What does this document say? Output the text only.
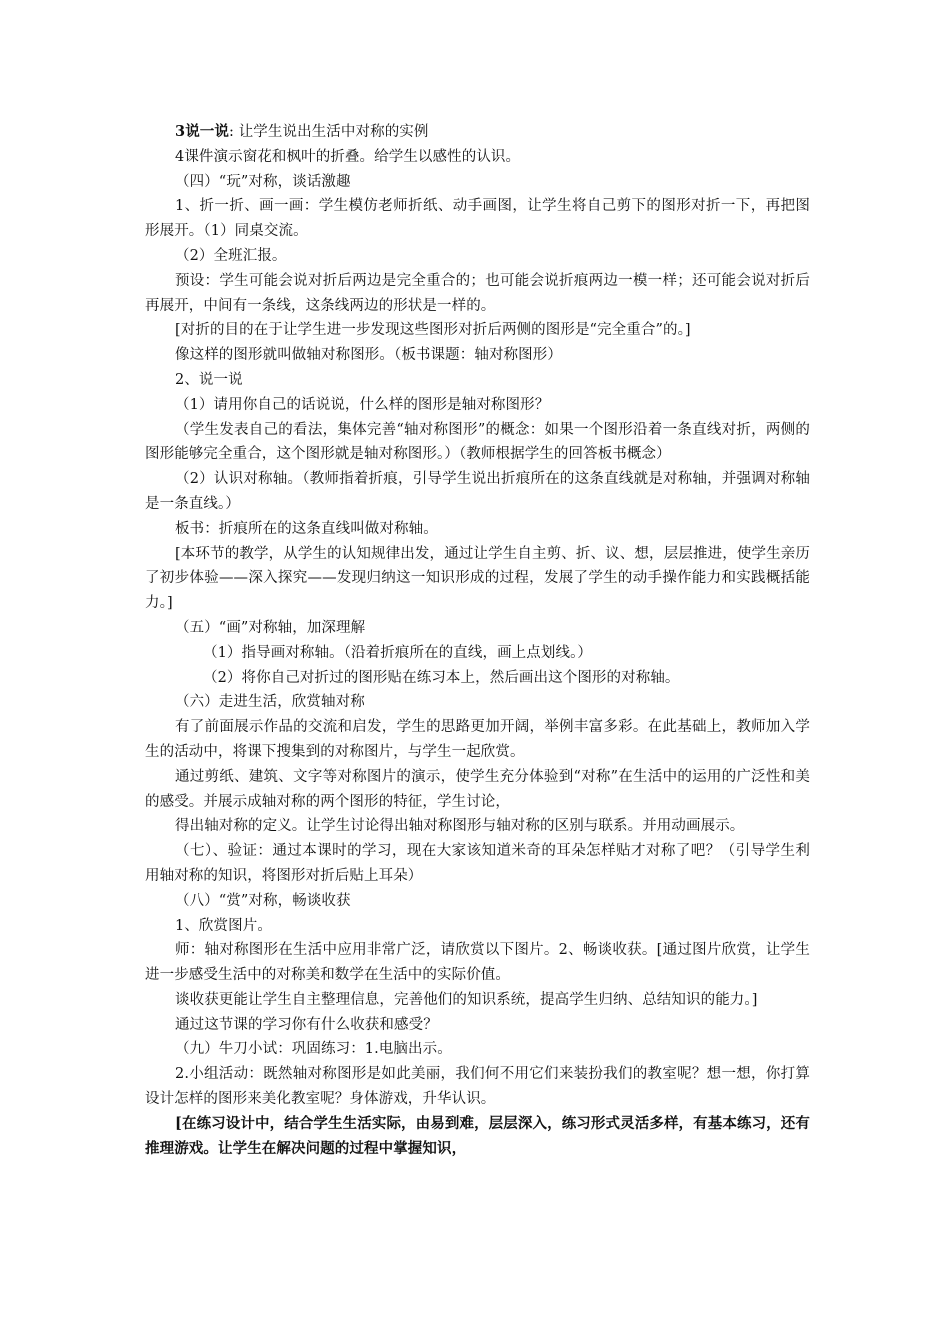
3说一说: 让学生说出生活中对称的实例

4课件演示窗花和枫叶的折叠。给学生以感性的认识。

（四）“玩”对称，谈话激趣

1、折一折、画一画：学生模仿老师折纸、动手画图，让学生将自己剪下的图形对折一下，再把图形展开。（1）同桌交流。

（2）全班汇报。

预设：学生可能会说对折后两边是完全重合的；也可能会说折痕两边一模一样；还可能会说对折后再展开，中间有一条线，这条线两边的形状是一样的。

[对折的目的在于让学生进一步发现这些图形对折后两侧的图形是“完全重合”的。]

像这样的图形就叫做轴对称图形。（板书课题：轴对称图形）

2、说一说

（1）请用你自己的话说说，什么样的图形是轴对称图形？

（学生发表自己的看法，集体完善“轴对称图形”的概念：如果一个图形沿着一条直线对折，两侧的图形能够完全重合，这个图形就是轴对称图形。）（教师根据学生的回答板书概念）

（2）认识对称轴。（教师指着折痕，引导学生说出折痕所在的这条直线就是对称轴，并强调对称轴是一条直线。）

板书：折痕所在的这条直线叫做对称轴。

[本环节的教学，从学生的认知规律出发，通过让学生自主剪、折、议、想，层层推进，使学生亲历了初步体验——深入探究——发现归纳这一知识形成的过程，发展了学生的动手操作能力和实践概括能力。]

（五）“画”对称轴，加深理解

（1）指导画对称轴。（沿着折痕所在的直线，画上点划线。）

（2）将你自己对折过的图形贴在练习本上，然后画出这个图形的对称轴。

（六）走进生活，欣赏轴对称

有了前面展示作品的交流和启发，学生的思路更加开阔，举例丰富多彩。在此基础上，教师加入学生的活动中，将课下搜集到的对称图片，与学生一起欣赏。

通过剪纸、建筑、文字等对称图片的演示，使学生充分体验到“对称”在生活中的运用的广泛性和美的感受。并展示成轴对称的两个图形的特征，学生讨论，

得出轴对称的定义。让学生讨论得出轴对称图形与轴对称的区别与联系。并用动画展示。

（七）、验证：通过本课时的学习，现在大家该知道米奇的耳朵怎样贴才对称了吧？（引导学生利用轴对称的知识，将图形对折后贴上耳朵）

（八）“赏”对称，畅谈收获

1、欣赏图片。

师：轴对称图形在生活中应用非常广泛，请欣赏以下图片。2、畅谈收获。[通过图片欣赏，让学生进一步感受生活中的对称美和数学在生活中的实际价值。

谈收获更能让学生自主整理信息，完善他们的知识系统，提高学生归纳、总结知识的能力。]

通过这节课的学习你有什么收获和感受？

（九）牛刀小试：巩固练习：1.电脑出示。

2.小组活动：既然轴对称图形是如此美丽，我们何不用它们来装扮我们的教室呢？想一想，你打算设计怎样的图形来美化教室呢？身体游戏，升华认识。

[在练习设计中，结合学生生活实际，由易到难，层层深入，练习形式灵活多样，有基本练习，还有推理游戏。让学生在解决问题的过程中掌握知识，
